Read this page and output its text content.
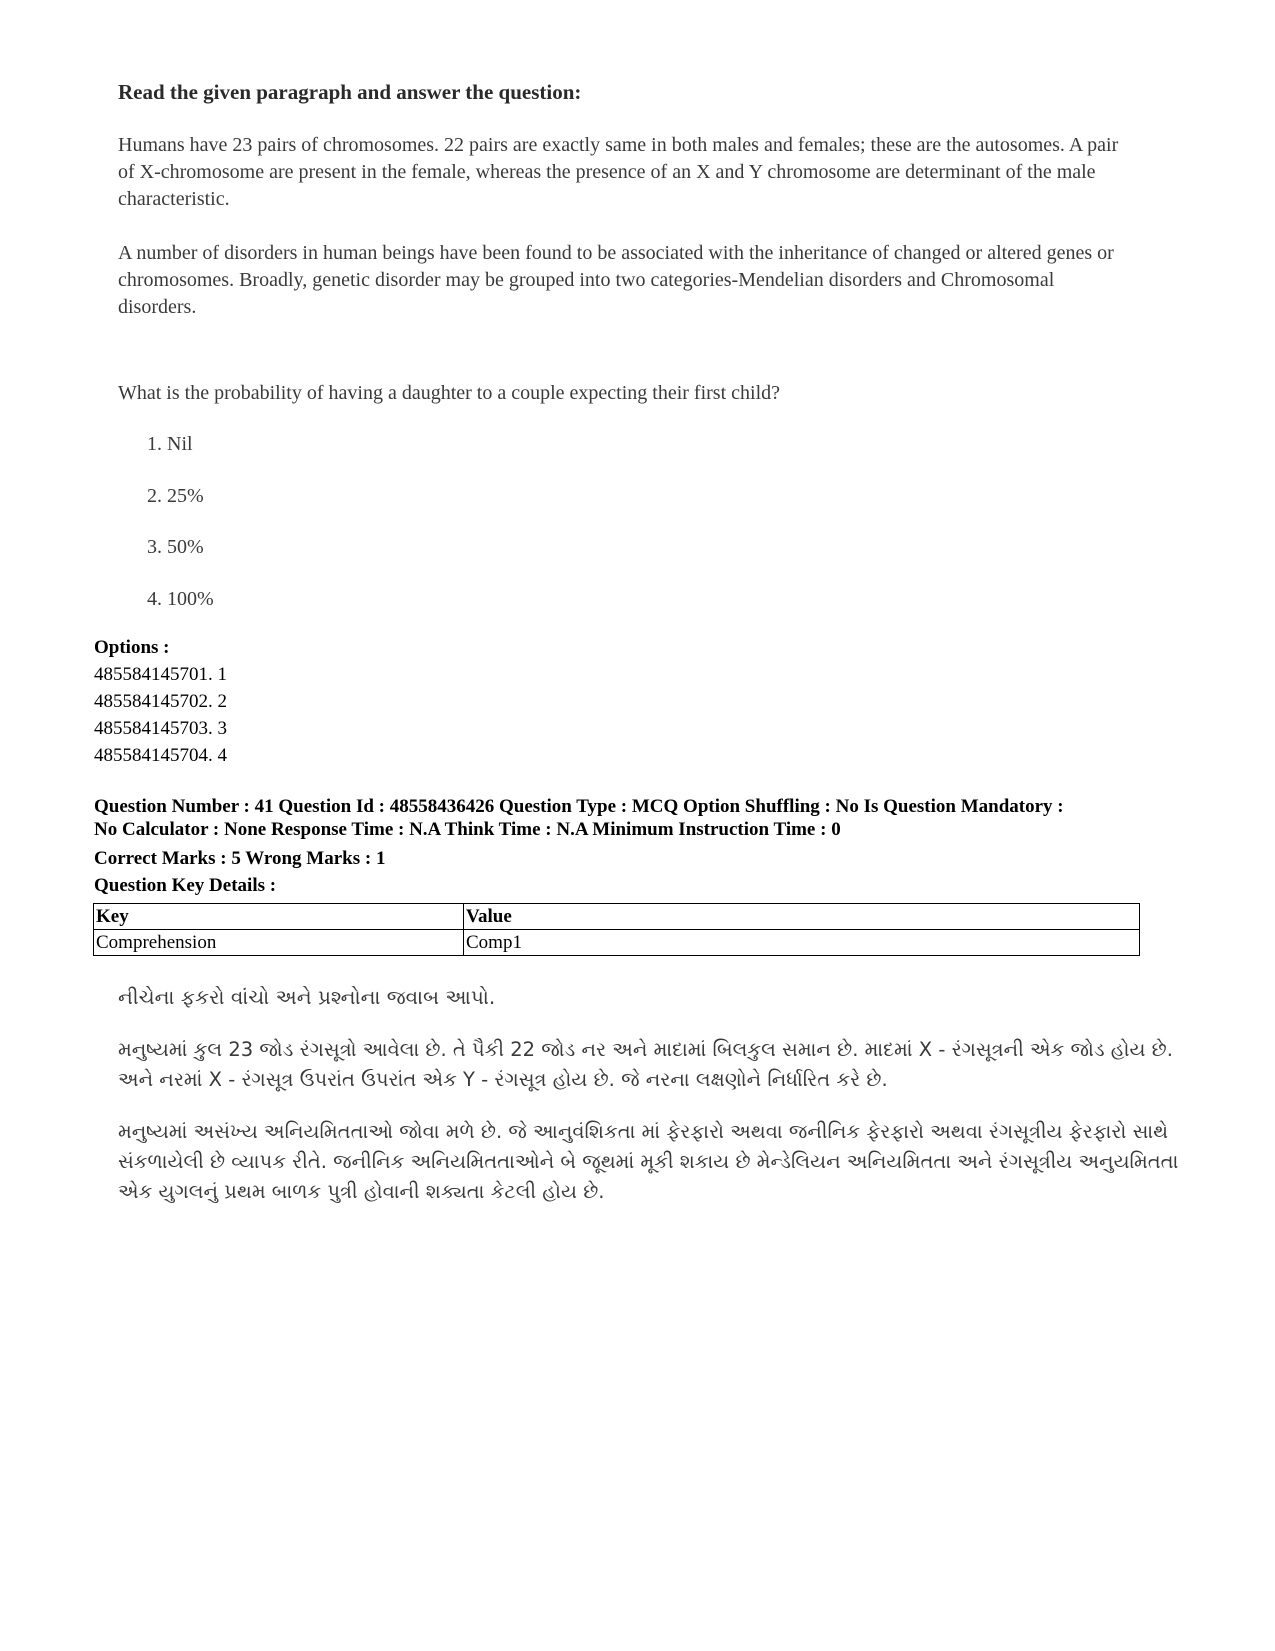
Read the given paragraph and answer the question:
Humans have 23 pairs of chromosomes. 22 pairs are exactly same in both males and females; these are the autosomes. A pair of X-chromosome are present in the female, whereas the presence of an X and Y chromosome are determinant of the male characteristic.
A number of disorders in human beings have been found to be associated with the inheritance of changed or altered genes or chromosomes. Broadly, genetic disorder may be grouped into two categories-Mendelian disorders and Chromosomal disorders.
What is the probability of having a daughter to a couple expecting their first child?
1. Nil
2. 25%
3. 50%
4. 100%
Options :
485584145701. 1
485584145702. 2
485584145703. 3
485584145704. 4
Question Number : 41 Question Id : 48558436426 Question Type : MCQ Option Shuffling : No Is Question Mandatory :
No Calculator : None Response Time : N.A Think Time : N.A Minimum Instruction Time : 0
Correct Marks : 5 Wrong Marks : 1
Question Key Details :
Key	Value
Comprehension	Comp1
નીચેના ફકરો વાંચો અને પ્રશ્નોના જવાબ આપો.
મનુષ્યમાં કુલ 23 જોડ રંગસૂત્રો આવેલા છે. તે પૈકી 22 જોડ નર અને માદામાં બિલકુલ સમાન છે. માદમાં X - રંગસૂત્રની એક જોડ હોય છે. અને નરમાં X - રંગસૂત્ર ઉપરાંત ઉપરાંત એક Y - રંગસૂત્ર હોય છે. જે નરના લક્ષણોને નિર્ધારિત કરે છે.
મનુષ્યમાં અસંખ્ય અનિયમિતતાઓ જોવા મળે છે. જે આનુવંશિકતા માં ફેરફારો અથવા જનીનિક ફેરફારો અથવા રંગસૂત્રીય ફેરફારો સાથે સંકળાયેલી છે વ્યાપક રીતે. જનીનિક અનિયમિતતાઓને બે જૂથમાં મૂકી શકાય છે મેન્ડેલિયન અનિયમિતતા અને રંગસૂત્રીય અનુયમિતતા એક યુગલનું પ્રથમ બાળક પુત્રી હોવાની શક્યતા કેટલી હોય છે.
